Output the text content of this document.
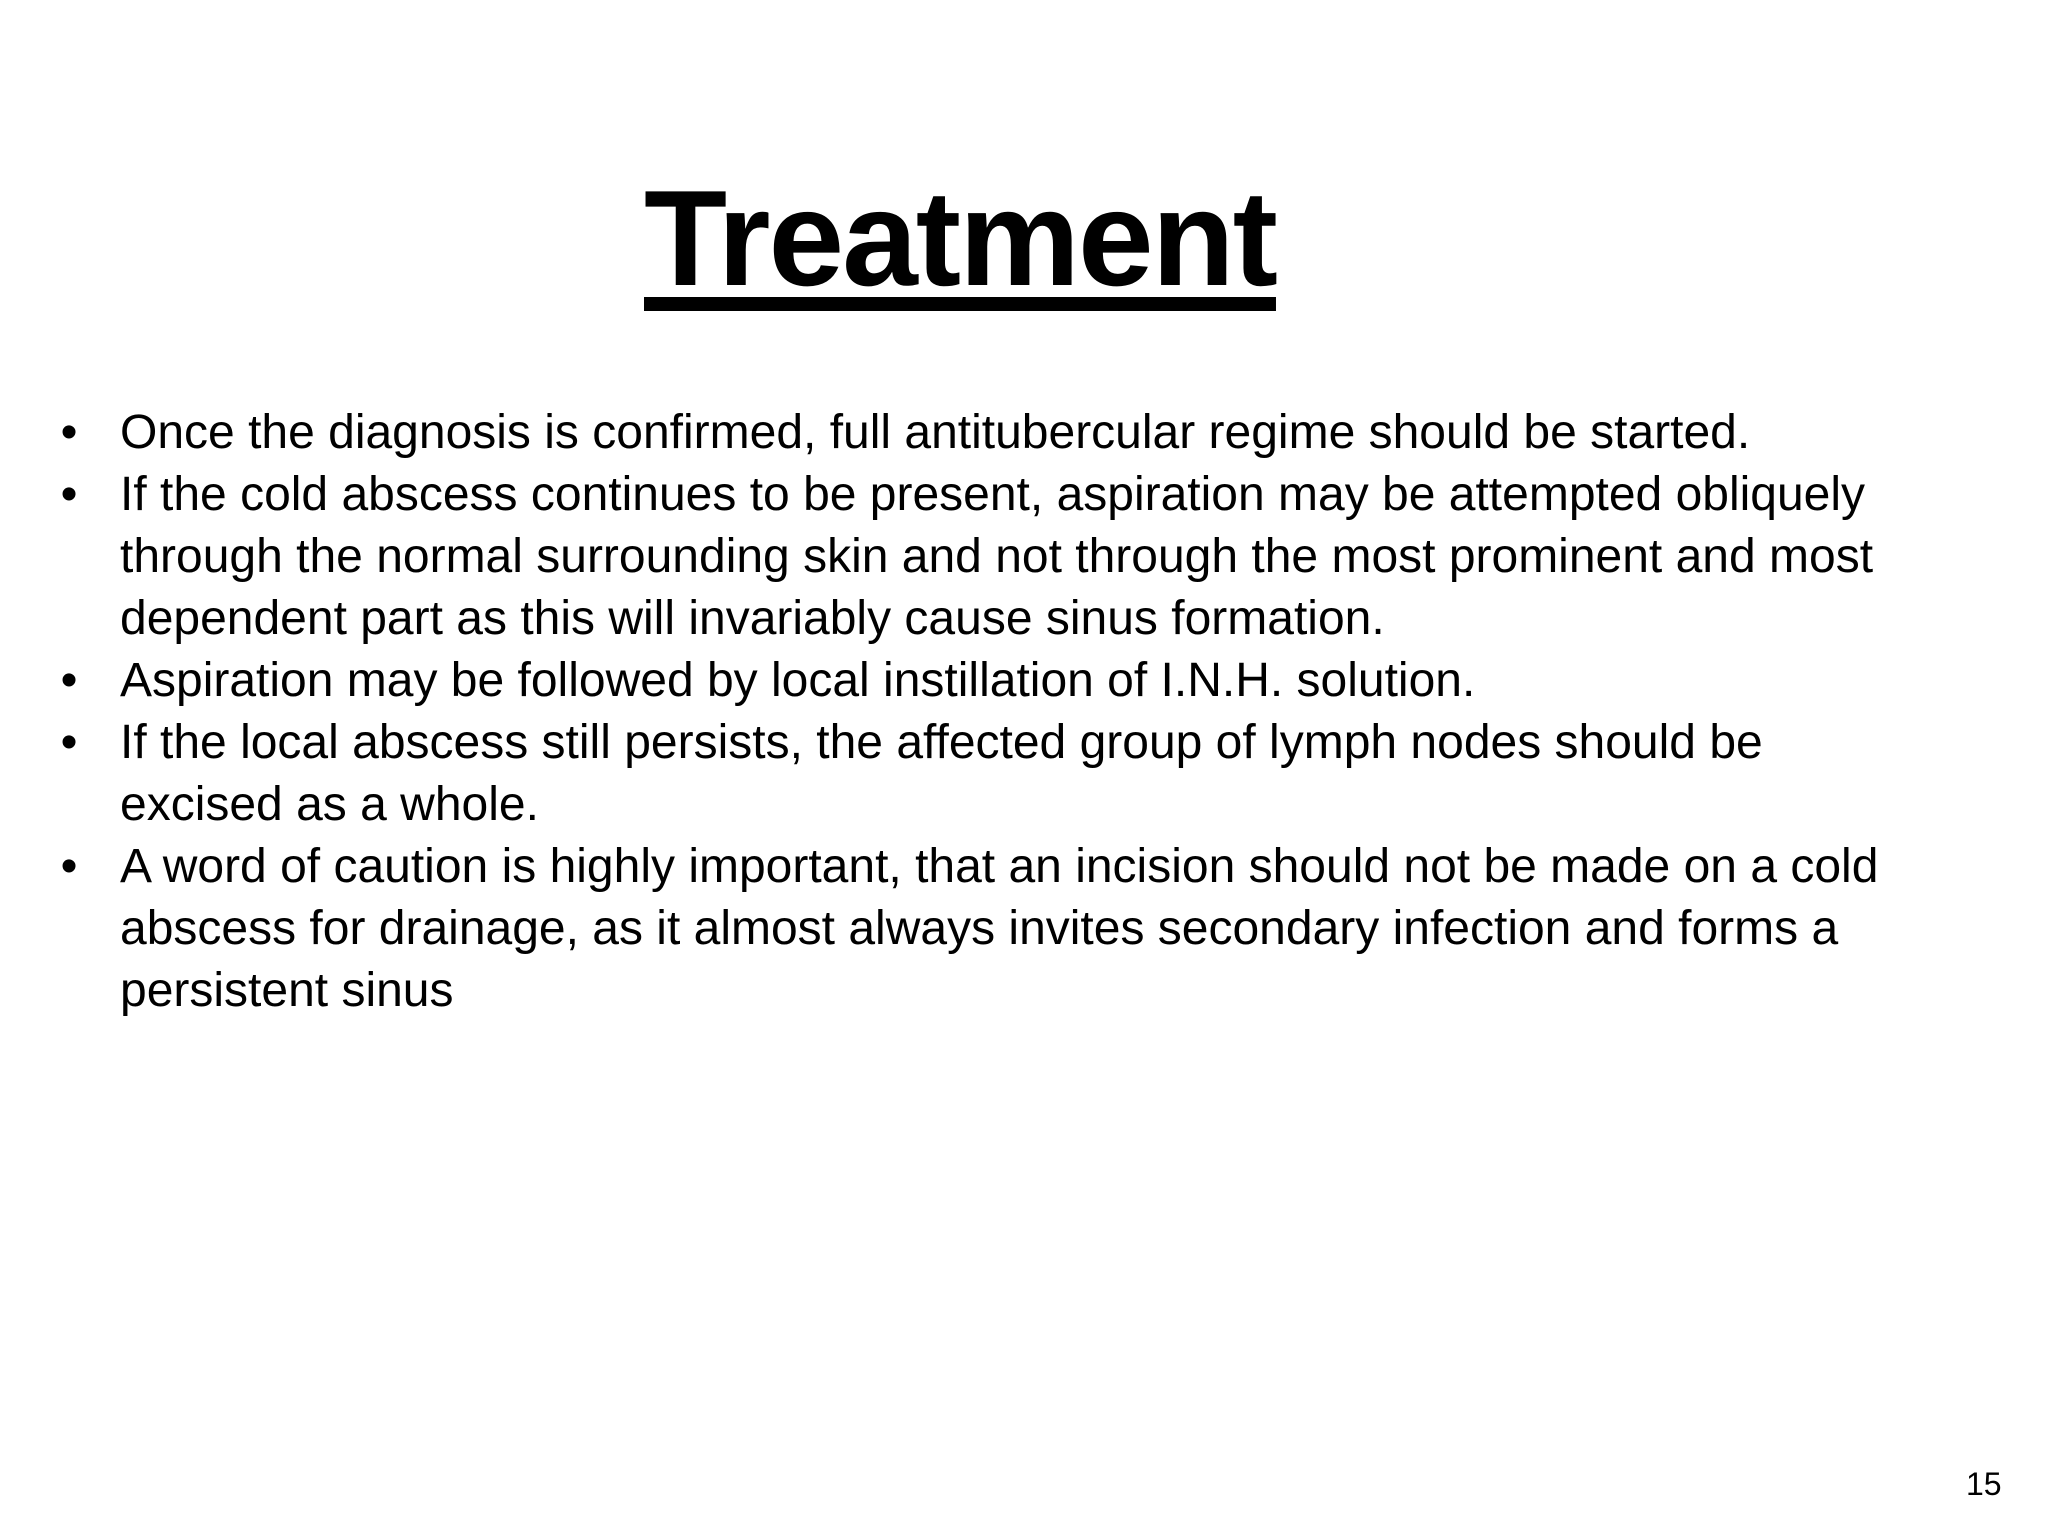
Treatment
• Once the diagnosis is confirmed, full antitubercular regime should be started.
• If the cold abscess continues to be present, aspiration may be attempted obliquely through the normal surrounding skin and not through the most prominent and most dependent part as this will invariably cause sinus formation.
• Aspiration may be followed by local instillation of I.N.H. solution.
• If the local abscess still persists, the affected group of lymph nodes should be excised as a whole.
• A word of caution is highly important, that an incision should not be made on a cold abscess for drainage, as it almost always invites secondary infection and forms a persistent sinus
15
